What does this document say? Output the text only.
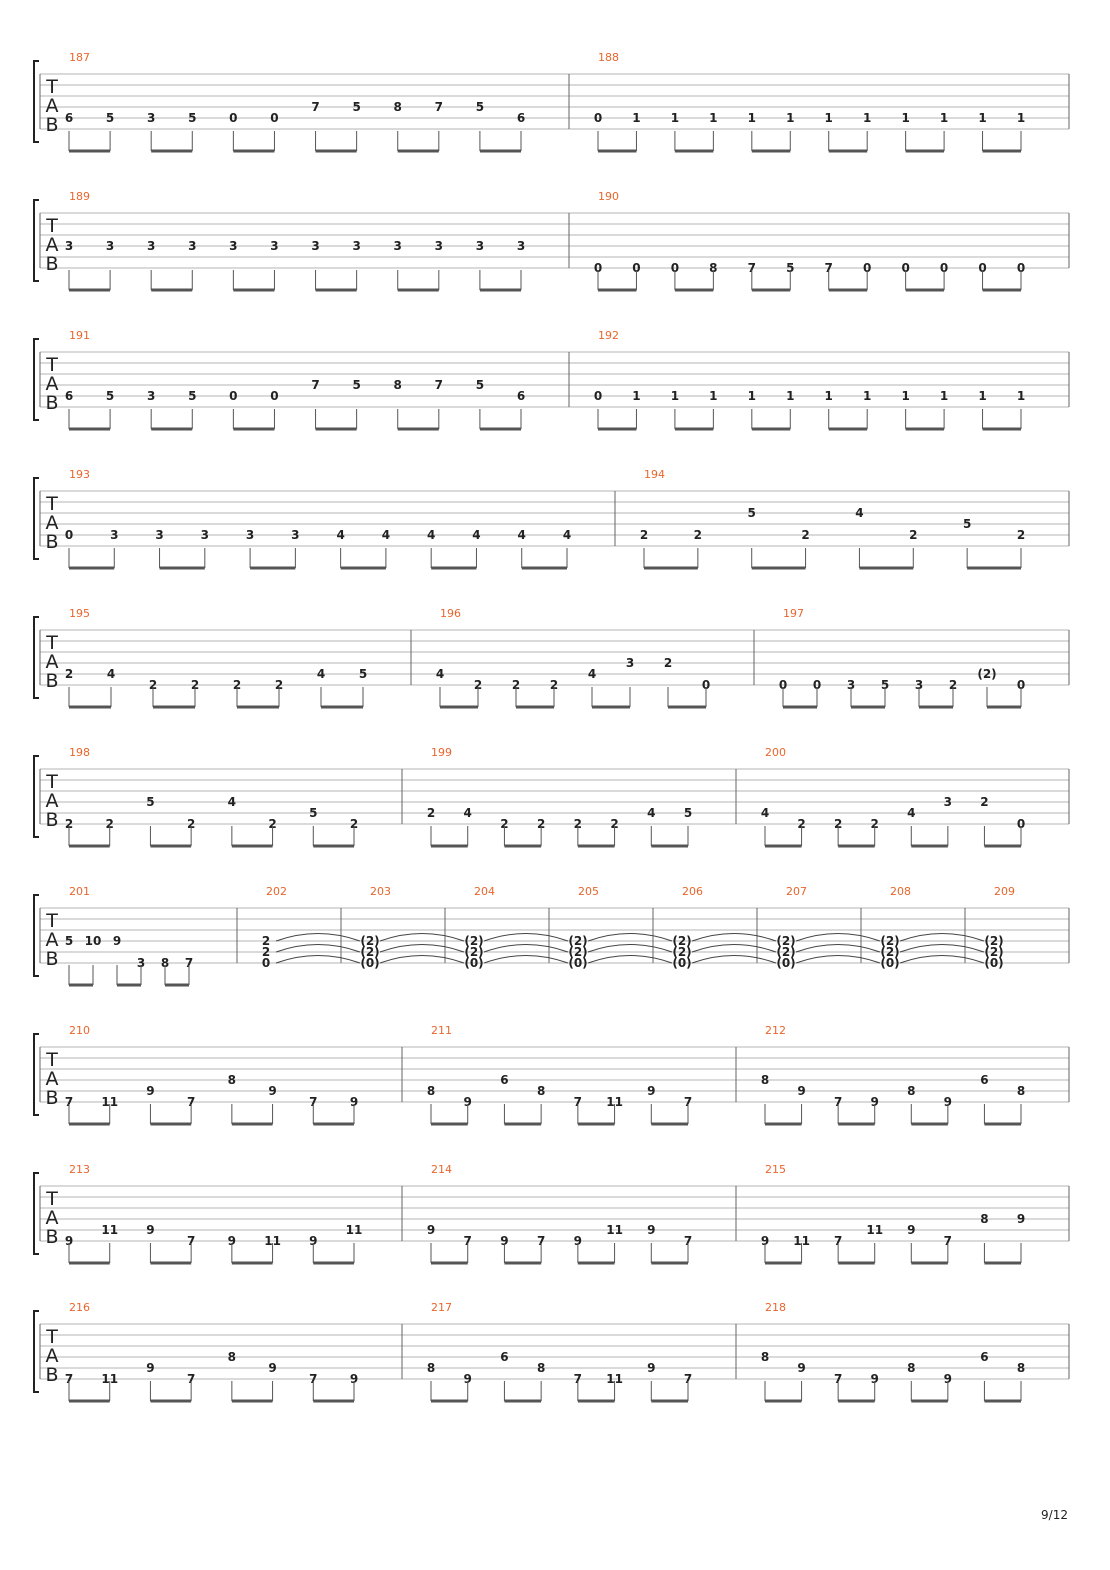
T
A
B
187
6	5	3	5	0	0
7	5	8	7	5
6
188
0	1	1	1	1	1	1	1	1	1	1	1
T
A
B
189
3	3	3	3	3	3	3	3	3	3	3	3
190
0	0	0	8	7	5	7	0	0	0	0	0
T
A
B
191
6	5	3	5	0	0
7	5	8	7	5
6
192
0	1	1	1	1	1	1	1	1	1	1	1
T
A
B
193
0	3	3	3	3	3	4	4	4	4	4	4
194
2	2
5
2
4
2
5
2
T
A
B
195
2	4
2	2	2	2
4	5
196
4
2 2 2
4
3 2
0
197
0 0 3 5 3 2
(2)
0
T
A
B
198
2	2
5
2
4
2
5
2
199
2 4
2 2 2 2
4 5
200
4
2 2 2
4
3 2
0
T
A
B
201
5 10 9
3 8 7
202
2
2
0
203
(2)
(2)
(0)
204
(2)
(2)
(0)
205
(2)
(2)
(0)
206
(2)
(2)
(0)
207
(2)
(2)
(0)
208
(2)
(2)
(0)
209
(2)
(2)
(0)
T
A
B
210
7 11
9
7
8
9
7	9
211
8
9
6
8
7 11
9
7
212
8
9
7 9
8
9
6
8
T
A
B
213
9
11 9
7	9 11 9
11
214
9
7 9 7 9
11 9
7
215
9 11 7
11 9
7
8 9
T
A
B
216
7 11
9
7
8
9
7	9
217
8
9
6
8
7 11
9
7
218
8
9
7 9
8
9
6
8
9/12
